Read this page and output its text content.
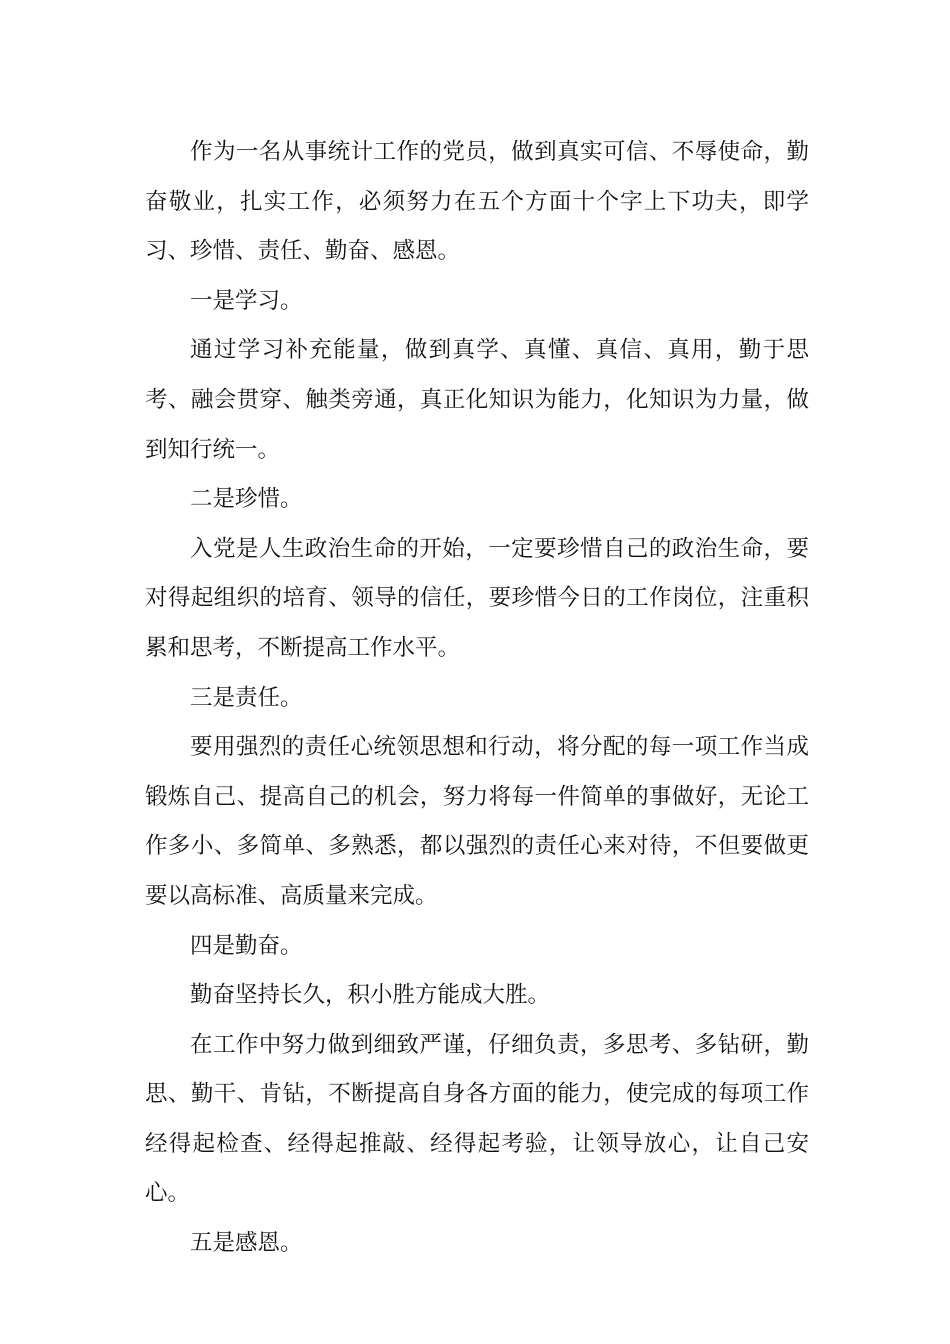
作为一名从事统计工作的党员，做到真实可信、不辱使命，勤奋敬业，扎实工作，必须努力在五个方面十个字上下功夫，即学习、珍惜、责任、勤奋、感恩。

一是学习。

通过学习补充能量，做到真学、真懂、真信、真用，勤于思考、融会贯穿、触类旁通，真正化知识为能力，化知识为力量，做到知行统一。

二是珍惜。

入党是人生政治生命的开始，一定要珍惜自己的政治生命，要对得起组织的培育、领导的信任，要珍惜今日的工作岗位，注重积累和思考，不断提高工作水平。

三是责任。

要用强烈的责任心统领思想和行动，将分配的每一项工作当成锻炼自己、提高自己的机会，努力将每一件简单的事做好，无论工作多小、多简单、多熟悉，都以强烈的责任心来对待，不但要做更要以高标准、高质量来完成。

四是勤奋。

勤奋坚持长久，积小胜方能成大胜。

在工作中努力做到细致严谨，仔细负责，多思考、多钻研，勤思、勤干、肯钻，不断提高自身各方面的能力，使完成的每项工作经得起检查、经得起推敲、经得起考验，让领导放心，让自己安心。

五是感恩。
